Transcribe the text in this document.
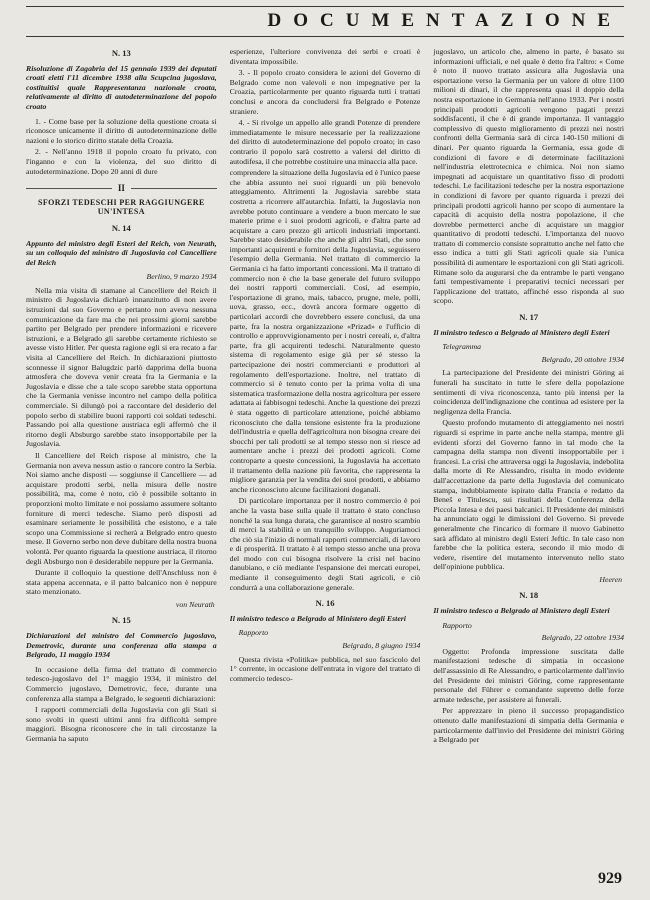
DOCUMENTAZIONE
N. 13

Risoluzione di Zagabria del 15 gennaio 1939 dei deputati croati eletti l'11 dicembre 1938 alla Scupcina jugoslava, costituitisi quale Rappresentanza nazionale croata, relativamente al diritto di autodeterminazione del popolo croato

1. - Come base per la soluzione della questione croata si riconosce unicamente il diritto di autodeterminazione delle nazioni e lo storico diritto statale della Croazia.

2. - Nell'anno 1918 il popolo croato fu privato, con l'inganno e con la violenza, del suo diritto di autodeterminazione. Dopo 20 anni di dure

II
SFORZI TEDESCHI PER RAGGIUNGERE UN'INTESA
N. 14

Appunto del ministro degli Esteri del Reich, von Neurath, su un colloquio del ministro di Jugoslavia col Cancelliere del Reich

Berlino, 9 marzo 1934

Nella mia visita di stamane al Cancelliere del Reich il ministro di Jugoslavia dichiarò innanzitutto di non avere istruzioni dal suo Governo e pertanto non aveva nessuna comunicazione da fare ma che nei prossimi giorni sarebbe partito per Belgrado per prendere informazioni e ricevere istruzioni, e a Belgrado gli sarebbe certamente richiesto se avesse visto Hitler. Per questa ragione egli si era recato a far visita al Cancelliere del Reich. In dichiarazioni piuttosto sconnesse il signor Balugdzic parlò dapprima della buona atmosfera che doveva venir creata fra la Germania e la Jugoslavia e disse che a tale scopo sarebbe stata opportuna che la Germania venisse incontro nel campo della politica commerciale. Si dilungò poi a raccontare del desiderio del popolo serbo di stabilire buoni rapporti coi soldati tedeschi. Passando poi alla questione austriaca egli affermò che il ritorno degli Absburgo sarebbe stato insopportabile per la Jugoslavia.

Il Cancelliere del Reich rispose al ministro, che la Germania non aveva nessun astio o rancore contro la Serbia. Noi siamo anche disposti — soggiunse il Cancelliere — ad acquistare prodotti serbi, nella misura delle nostre possibilità, ma, come è noto, ciò è possibile soltanto in proporzioni molto limitate e noi possiamo assumere soltanto forniture di merci tedesche. Siamo però disposti ad esaminare seriamente le possibilità che esistono, e a tale scopo una Commissione si recherà a Belgrado entro questo mese. Il Governo serbo non deve dubitare della nostra buona volontà. Per quanto riguarda la questione austriaca, il ritorno degli Absburgo non è desiderabile neppure per la Germania.

Durante il colloquio la questione dell'Anschluss non è stata appena accennata, e il patto balcanico non è neppure stato menzionato.

von Neurath
N. 15

Dichiarazioni del ministro del Commercio jugoslavo, Demetrovic, durante una conferenza alla stampa a Belgrado, 11 maggio 1934

In occasione della firma del trattato di commercio tedesco-jugoslavo del 1° maggio 1934, il ministro del Commercio jugoslavo, Demetrovic, fece, durante una conferenza alla stampa a Belgrado, le seguenti dichiarazioni:

I rapporti commerciali della Jugoslavia con gli Stati si sono svolti in questi ultimi anni fra difficoltà sempre maggiori. Bisogna riconoscere che in tali circostanze la Germania ha saputo

esperienze, l'ulteriore convivenza dei serbi e croati è diventata impossibile.

3. - Il popolo croato considera le azioni del Governo di Belgrado come non valevoli e non impegnative per la Croazia, particolarmente per quanto riguarda tutti i trattati conclusi e ancora da concludersi fra Belgrado e Potenze straniere.

4. - Si rivolge un appello alle grandi Potenze di prendere immediatamente le misure necessarie per la realizzazione del diritto di autodeterminazione del popolo croato; in caso contrario il popolo sarà costretto a valersi del diritto di autodifesa, il che potrebbe costituire una minaccia alla pace.

comprendere la situazione della Jugoslavia ed è l'unico paese che abbia assunto nei suoi riguardi un più benevolo atteggiamento. Altrimenti la Jugoslavia sarebbe stata costretta a ricorrere all'autarchia. Infatti, la Jugoslavia non avrebbe potuto continuare a vendere a buon mercato le sue materie prime e i suoi prodotti agricoli, e d'altra parte ad acquistare a caro prezzo gli articoli industriali importanti. Sarebbe stato desiderabile che anche gli altri Stati, che sono importanti acquirenti e fornitori della Jugoslavia, seguissero l'esempio della Germania. Nel trattato di commercio la Germania ci ha fatto importanti concessioni. Ma il trattato di commercio non è che la base generale del futuro sviluppo dei nostri rapporti commerciali. Così, ad esempio, l'esportazione di grano, mais, tabacco, prugne, mele, polli, uova, grasso, ecc., dovrà ancora formare oggetto di particolari accordi che dovrebbero essere conclusi, da una parte, fra la nostra organizzazione «Prizad» e l'ufficio di controllo e approvvigionamento per i nostri cereali, e, d'altra parte, fra gli acquirenti tedeschi. Naturalmente questo sistema di regolamento esige già per sé stesso la partecipazione dei nostri commercianti e produttori al regolamento dell'esportazione. Inoltre, nel trattato di commercio si è tenuto conto per la prima volta di una sistematica trasformazione della nostra agricoltura per essere adattata ai fabbisogni tedeschi. Anche la questione dei prezzi è stata oggetto di particolare attenzione, poiché abbiamo riconosciuto che dalla tensione esistente fra la produzione dell'industria e quella dell'agricoltura non bisogna creare dei sbocchi per tali prodotti se al tempo stesso non si riesce ad aumentare anche i prezzi dei prodotti agricoli. Come controparte a queste concessioni, la Jugoslavia ha accettato il trattamento della nazione più favorita, che rappresenta la migliore garanzia per la vendita dei suoi prodotti, e abbiamo anche riconosciuto alcune facilitazioni doganali.

Di particolare importanza per il nostro commercio è poi anche la vasta base sulla quale il trattato è stato concluso nonché la sua lunga durata, che garantisce al nostro scambio di merci la stabilità e un tranquillo sviluppo. Auguriamoci che ciò sia l'inizio di normali rapporti commerciali, di lavoro e di prosperità. Il trattato è al tempo stesso anche una prova del modo con cui bisogna risolvere la crisi nel bacino danubiano, e ciò mediante l'espansione dei mercati europei, mediante il conseguimento degli Stati agricoli, e ciò condurrà a una collaborazione generale.

N. 16

Il ministro tedesco a Belgrado al Ministero degli Esteri

Rapporto
Belgrado, 8 giugno 1934

Questa rivista «Politika» pubblica, nel suo fascicolo del 1° corrente, in occasione dell'entrata in vigore del trattato di commercio tedesco-

jugoslavo, un articolo che, almeno in parte, è basato su informazioni ufficiali, e nel quale è detto fra l'altro: « Come è noto il nuovo trattato assicura alla Jugoslavia una esportazione verso la Germania per un valore di oltre 1100 milioni di dinari, il che rappresenta quasi il doppio della nostra esportazione in Germania nell'anno 1933. Per i nostri principali prodotti agricoli vengono pagati prezzi soddisfacenti, il che è di grande importanza. Il vantaggio complessivo di questo miglioramento di prezzi nei nostri confronti della Germania sarà di circa 140-150 milioni di dinari. Per quanto riguarda la Germania, essa gode di condizioni di favore e di determinate facilitazioni nell'industria elettrotecnica e chimica. Noi non siamo impegnati ad acquistare un quantitativo fisso di prodotti tedeschi. Le facilitazioni tedesche per la nostra esportazione in condizioni di favore per quanto riguarda i prezzi dei principali prodotti agricoli hanno per scopo di aumentare la capacità di acquisto della nostra popolazione, il che dovrebbe permetterci anche di acquistare un maggior quantitativo di prodotti tedeschi. L'importanza del nuovo trattato di commercio consiste soprattutto anche nel fatto che esso indica a tutti gli Stati agricoli quale sia l'unica possibilità di aumentare le esportazioni con gli Stati agricoli. Rimane solo da augurarsi che da entrambe le parti vengano fatti tempestivamente i preparativi tecnici necessari per l'applicazione del trattato, affinché esso risponda al suo scopo.

N. 17

Il ministro tedesco a Belgrado al Ministero degli Esteri

Telegramma
Belgrado, 20 ottobre 1934

La partecipazione del Presidente dei ministri Göring ai funerali ha suscitato in tutte le sfere della popolazione sentimenti di viva riconoscenza, tanto più intensi per la coincidenza dell'indignazione che continua ad esistere per la negligenza della Francia.

Questo profondo mutamento di atteggiamento nei nostri riguardi si esprime in parte anche nella stampa, mentre gli evidenti sforzi del Governo fanno in tal modo che la campagna della stampa non diventi insopportabile per i francesi. La crisi che attraversa oggi la Jugoslavia, indebolita dalla morte di Re Alessandro, risulta in modo evidente dall'accettazione da parte della Jugoslavia del comunicato stampa, indubbiamente ispirato dalla Francia e redatto da Beneš e Titulescu, sui risultati della Conferenza della Piccola Intesa e dei paesi balcanici. Il Presidente dei ministri ha annunciato oggi le dimissioni del Governo. Si prevede generalmente che l'incarico di formare il nuovo Gabinetto sarà affidato al ministro degli Esteri Jeftic. In tale caso non farebbe che la politica estera, secondo il mio modo di vedere, risentire del mutamento intervenuto nello stato dell'opinione pubblica.

Heeren
N. 18

Il ministro tedesco a Belgrado al Ministero degli Esteri

Rapporto
Belgrado, 22 ottobre 1934

Oggetto: Profonda impressione suscitata dalle manifestazioni tedesche di simpatia in occasione dell'assassinio di Re Alessandro, e particolarmente dall'invio del Presidente dei ministri Göring, come rappresentante personale del Führer e comandante supremo delle forze armate tedesche, per assistere ai funerali.

Per apprezzare in pieno il successo propagandistico ottenuto dalle manifestazioni di simpatia della Germania e particolarmente dall'invio del Presidente dei ministri Göring a Belgrado per

929
